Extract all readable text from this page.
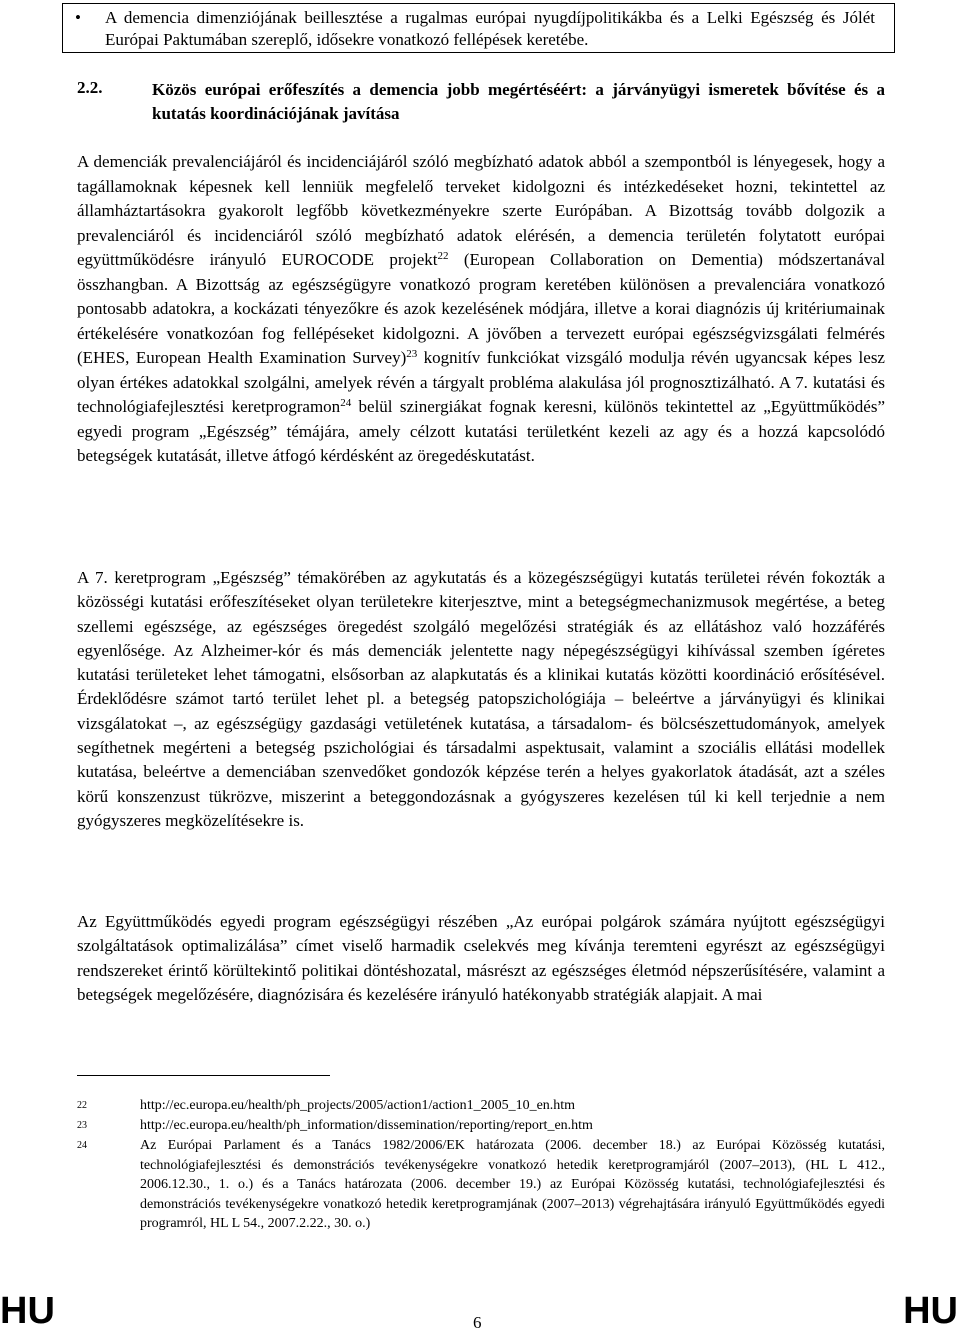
• A demencia dimenziójának beillesztése a rugalmas európai nyugdíjpolitikákba és a Lelki Egészség és Jólét Európai Paktumában szereplő, idősekre vonatkozó fellépések keretébe.
2.2.	Közös európai erőfeszítés a demencia jobb megértéséért: a járványügyi ismeretek bővítése és a kutatás koordinációjának javítása

A demenciák prevalenciájáról és incidenciájáról szóló megbízható adatok abból a szempontból is lényegesek, hogy a tagállamoknak képesnek kell lenniük megfelelő terveket kidolgozni és intézkedéseket hozni, tekintettel az államháztartásokra gyakorolt legfőbb következményekre szerte Európában. A Bizottság tovább dolgozik a prevalenciáról és incidenciáról szóló megbízható adatok elérésén, a demencia területén folytatott európai együttműködésre irányuló EUROCODE projekt$^{22}$ (European Collaboration on Dementia) módszertanával összhangban. A Bizottság az egészségügyre vonatkozó program keretében különösen a prevalenciára vonatkozó pontosabb adatokra, a kockázati tényezőkre és azok kezelésének módjára, illetve a korai diagnózis új kritériumainak értékelésére vonatkozóan fog fellépéseket kidolgozni. A jövőben a tervezett európai egészségvizsgálati felmérés (EHES, European Health Examination Survey)$^{23}$ kognitív funkciókat vizsgáló modulja révén ugyancsak képes lesz olyan értékes adatokkal szolgálni, amelyek révén a tárgyalt probléma alakulása jól prognosztizálható. A 7. kutatási és technológiafejlesztési keretprogramon$^{24}$ belül szinergiákat fognak keresni, különös tekintettel az „Együttműködés” egyedi program „Egészség” témájára, amely célzott kutatási területként kezeli az agy és a hozzá kapcsolódó betegségek kutatását, illetve átfogó kérdésként az öregedéskutatást.

A 7. keretprogram „Egészség” témakörében az agykutatás és a közegészségügyi kutatás területei révén fokozták a közösségi kutatási erőfeszítéseket olyan területekre kiterjesztve, mint a betegségmechanizmusok megértése, a beteg szellemi egészsége, az egészséges öregedést szolgáló megelőzési stratégiák és az ellátáshoz való hozzáférés egyenlősége. Az Alzheimer-kór és más demenciák jelentette nagy népegészségügyi kihívással szemben ígéretes kutatási területeket lehet támogatni, elsősorban az alapkutatás és a klinikai kutatás közötti koordináció erősítésével. Érdeklődésre számot tartó terület lehet pl. a betegség patopszichológiája – beleértve a járványügyi és klinikai vizsgálatokat –, az egészségügy gazdasági vetületének kutatása, a társadalom- és bölcsészettudományok, amelyek segíthetnek megérteni a betegség pszichológiai és társadalmi aspektusait, valamint a szociális ellátási modellek kutatása, beleértve a demenciában szenvedőket gondozók képzése terén a helyes gyakorlatok átadását, azt a széles körű konszenzust tükrözve, miszerint a beteggondozásnak a gyógyszeres kezelésen túl ki kell terjednie a nem gyógyszeres megközelítésekre is.

Az Együttműködés egyedi program egészségügyi részében „Az európai polgárok számára nyújtott egészségügyi szolgáltatások optimalizálása” címet viselő harmadik cselekvés meg kívánja teremteni egyrészt az egészségügyi rendszereket érintő körültekintő politikai döntéshozatal, másrészt az egészséges életmód népszerűsítésére, valamint a betegségek megelőzésére, diagnózisára és kezelésére irányuló hatékonyabb stratégiák alapjait. A mai

22	http://ec.europa.eu/health/ph_projects/2005/action1/action1_2005_10_en.htm
23	http://ec.europa.eu/health/ph_information/dissemination/reporting/report_en.htm
24	Az Európai Parlament és a Tanács 1982/2006/EK határozata (2006. december 18.) az Európai Közösség kutatási, technológiafejlesztési és demonstrációs tevékenységekre vonatkozó hetedik keretprogramjáról (2007–2013), (HL L 412., 2006.12.30., 1. o.) és a Tanács határozata (2006. december 19.) az Európai Közösség kutatási, technológiafejlesztési és demonstrációs tevékenységekre vonatkozó hetedik keretprogramjának (2007–2013) végrehajtására irányuló Együttműködés egyedi programról, HL L 54., 2007.2.22., 30. o.)
HU	6	HU
